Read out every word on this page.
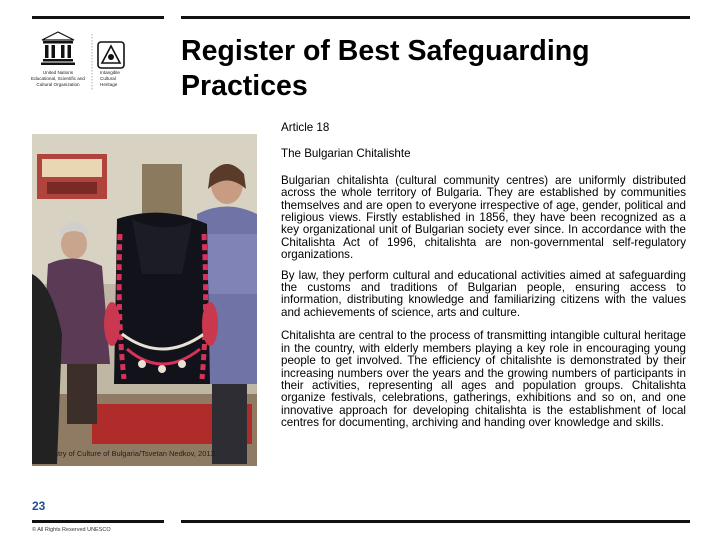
United Nations
Educational, Scientific and
Cultural Organization
Intangible
Cultural
Heritage
Register of Best Safeguarding Practices
© Ministry of Culture of Bulgaria/Tsvetan Nedkov, 2013

Article 18

The Bulgarian Chitalishte

Bulgarian chitalishta (cultural community centres) are uniformly distributed across the whole territory of Bulgaria. They are established by communities themselves and are open to everyone irrespective of age, gender, political and religious views. Firstly established in 1856, they have been recognized as a key organizational unit of Bulgarian society ever since. In accordance with the Chitalishta Act of 1996, chitalishta are non-governmental self-regulatory organizations.

By law, they perform cultural and educational activities aimed at safeguarding the customs and traditions of Bulgarian people, ensuring access to information, distributing knowledge and familiarizing citizens with the values and achievements of science, arts and culture.

Chitalishta are central to the process of transmitting intangible cultural heritage in the country, with elderly members playing a key role in encouraging young people to get involved. The efficiency of chitalishte is demonstrated by their increasing numbers over the years and the growing numbers of participants in their activities, representing all ages and population groups. Chitalishta organize festivals, celebrations, gatherings, exhibitions and so on, and one innovative approach for developing chitalishta is the establishment of local centres for documenting, archiving and handing over knowledge and skills.

23
© All Rights Reserved UNESCO
